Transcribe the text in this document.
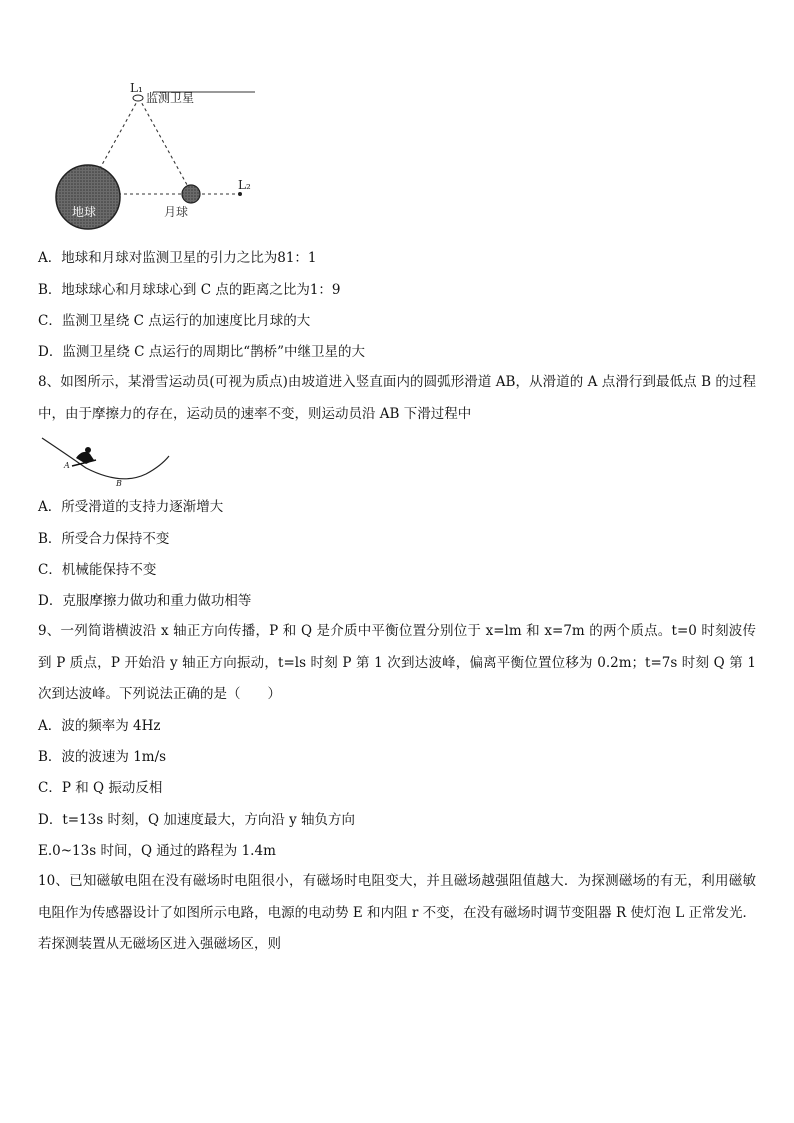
L₁
监测卫星
地球	月球
L₂
A．地球和月球对监测卫星的引力之比为81：1
B．地球球心和月球球心到 C 点的距离之比为1：9
C．监测卫星绕 C 点运行的加速度比月球的大
D．监测卫星绕 C 点运行的周期比“鹊桥”中继卫星的大
8、如图所示，某滑雪运动员(可视为质点)由坡道进入竖直面内的圆弧形滑道 AB，从滑道的 A 点滑行到最低点 B 的过程中，由于摩擦力的存在，运动员的速率不变，则运动员沿 AB 下滑过程中
A
B
A．所受滑道的支持力逐渐增大
B．所受合力保持不变
C．机械能保持不变
D．克服摩擦力做功和重力做功相等
9、一列简谐横波沿 x 轴正方向传播，P 和 Q 是介质中平衡位置分别位于 x=lm 和 x=7m 的两个质点。t=0 时刻波传到 P 质点，P 开始沿 y 轴正方向振动，t=ls 时刻 P 第 1 次到达波峰，偏离平衡位置位移为 0.2m；t=7s 时刻 Q 第 1 次到达波峰。下列说法正确的是（　　）
A．波的频率为 4Hz
B．波的波速为 1m/s
C．P 和 Q 振动反相
D．t=13s 时刻，Q 加速度最大，方向沿 y 轴负方向
E.0~13s 时间，Q 通过的路程为 1.4m
10、已知磁敏电阻在没有磁场时电阻很小，有磁场时电阻变大，并且磁场越强阻值越大．为探测磁场的有无，利用磁敏电阻作为传感器设计了如图所示电路，电源的电动势 E 和内阻 r 不变，在没有磁场时调节变阻器 R 使灯泡 L 正常发光．若探测装置从无磁场区进入强磁场区，则
